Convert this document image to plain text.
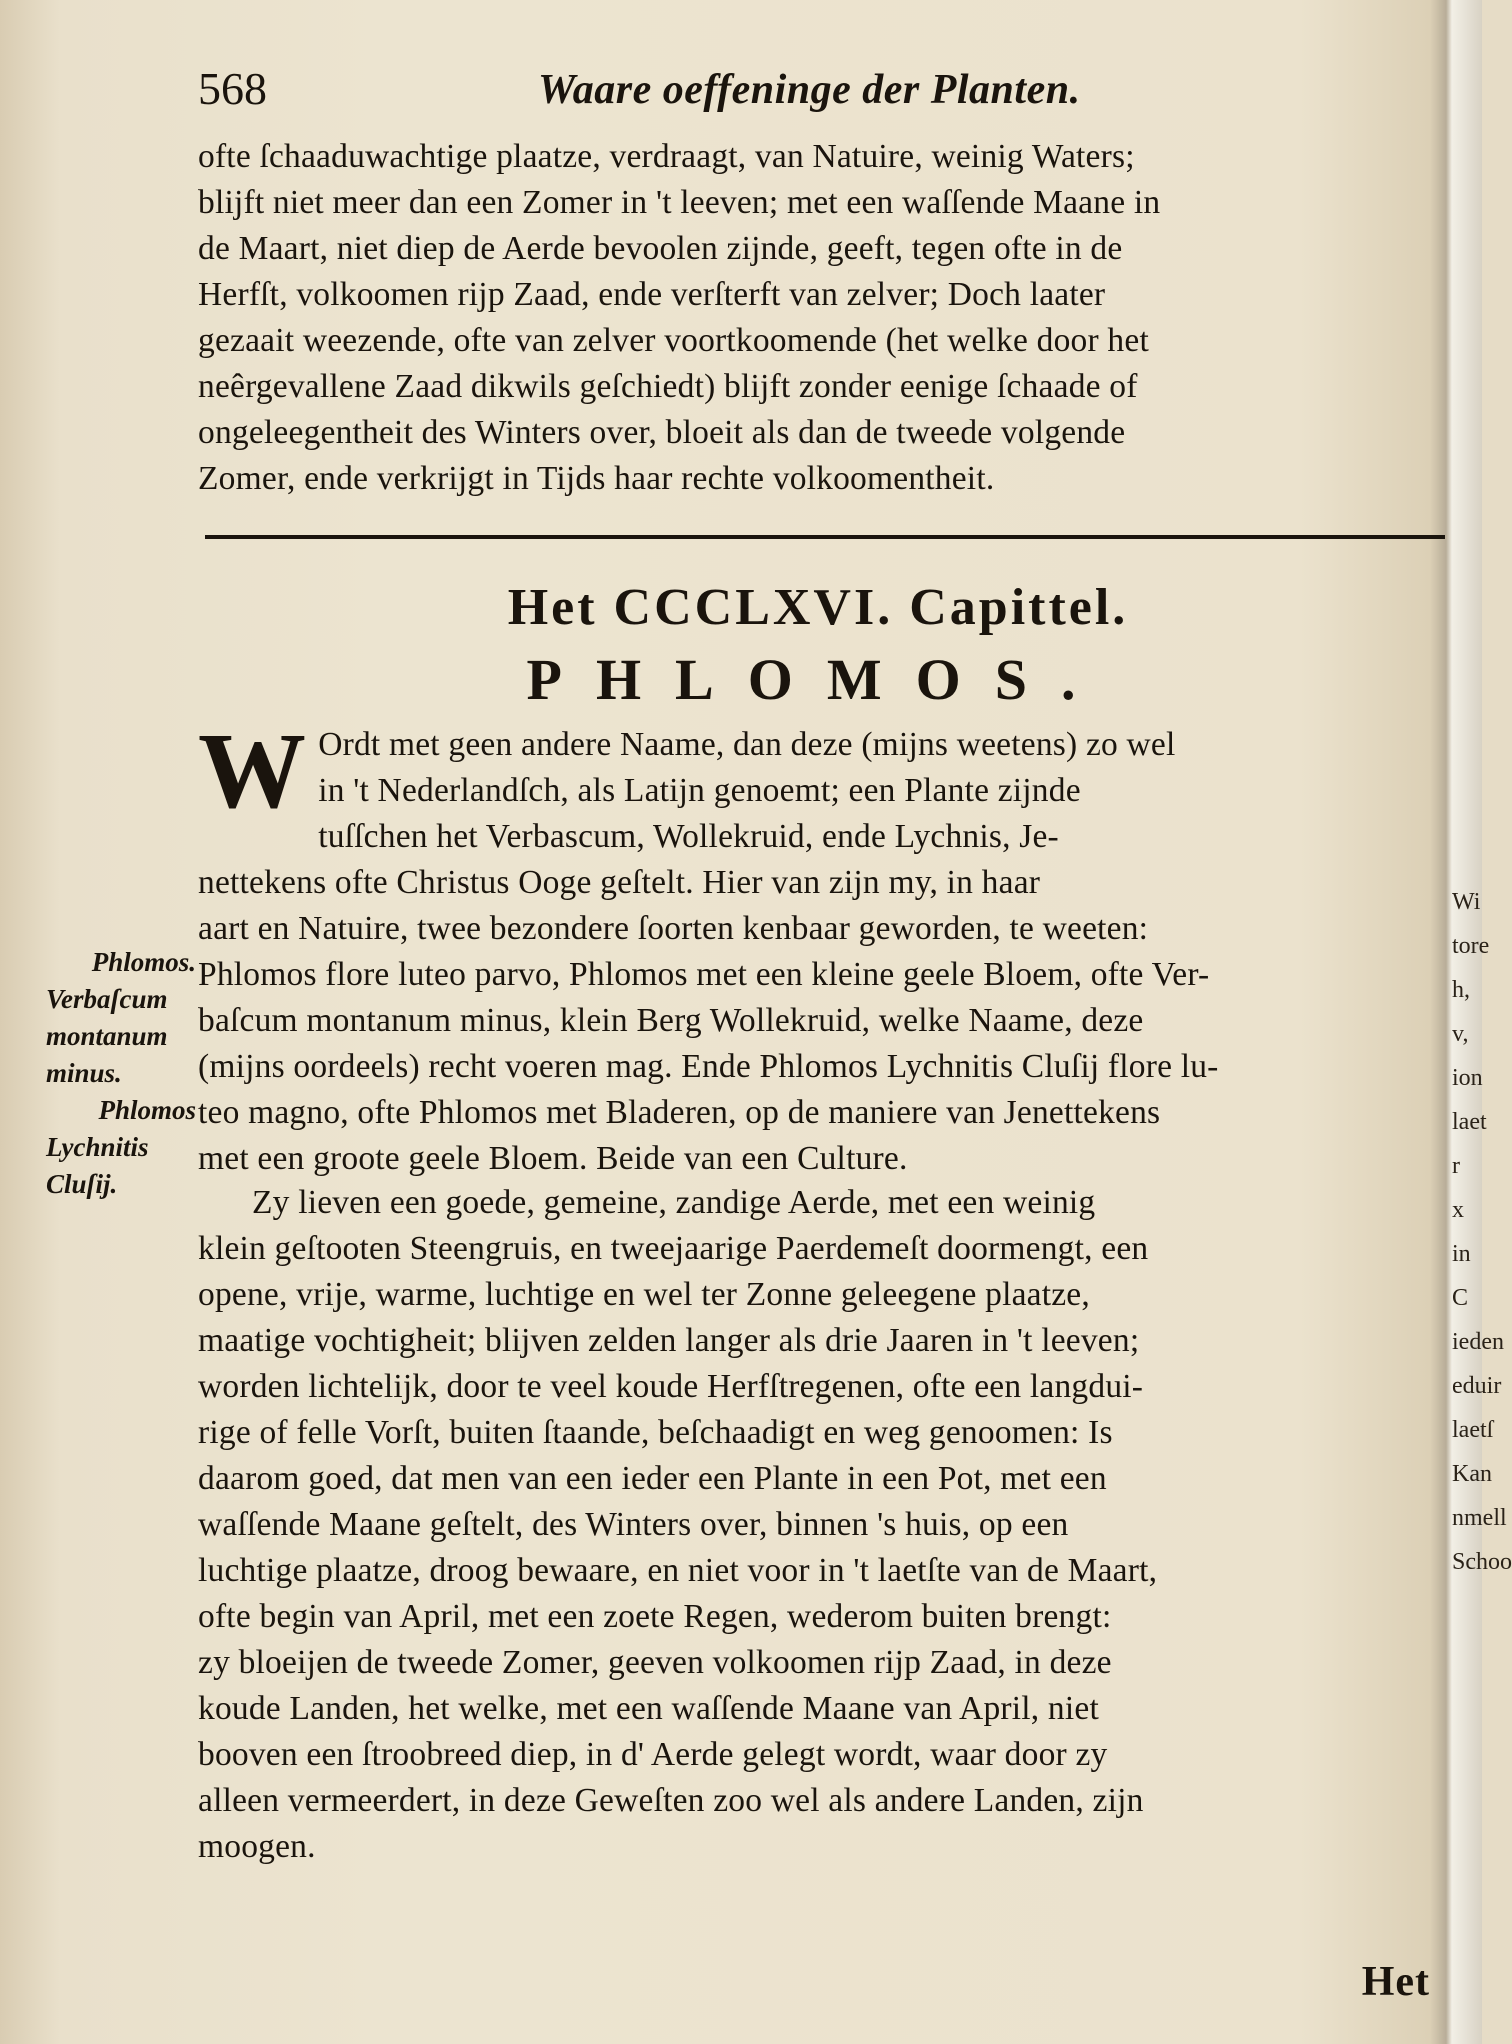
568	Waare oeffeninge der Planten.

ofte ſchaaduwachtige plaatze, verdraagt, van Natuire, weinig Waters;

blijft niet meer dan een Zomer in 't leeven; met een waſſende Maane in

de Maart, niet diep de Aerde bevoolen zijnde, geeft, tegen ofte in de

Herfſt, volkoomen rijp Zaad, ende verſterft van zelver; Doch laater

gezaait weezende, ofte van zelver voortkoomende (het welke door het

neêrgevallene Zaad dikwils geſchiedt) blijft zonder eenige ſchaade of

ongeleegentheit des Winters over, bloeit als dan de tweede volgende

Zomer, ende verkrijgt in Tijds haar rechte volkoomentheit.

Het CCCLXVI. Capittel.
PHLOMOS.
W Ordt met geen andere Naame, dan deze (mijns weetens) zo wel

in 't Nederlandſch, als Latijn genoemt; een Plante zijnde

tuſſchen het Verbascum, Wollekruid, ende Lychnis, Je-

nettekens ofte Christus Ooge geſtelt. Hier van zijn my, in haar

aart en Natuire, twee bezondere ſoorten kenbaar geworden, te weeten:

Phlomos flore luteo parvo, Phlomos met een kleine geele Bloem, ofte Ver-

baſcum montanum minus, klein Berg Wollekruid, welke Naame, deze

(mijns oordeels) recht voeren mag. Ende Phlomos Lychnitis Cluſij flore lu-

teo magno, ofte Phlomos met Bladeren, op de maniere van Jenettekens

met een groote geele Bloem. Beide van een Culture.

Phlomos.
Verbaſcum
montanum
minus.
Phlomos
Lychnitis
Cluſij.	Zy lieven een goede, gemeine, zandige Aerde, met een weinig

klein geſtooten Steengruis, en tweejaarige Paerdemeſt doormengt, een

opene, vrije, warme, luchtige en wel ter Zonne geleegene plaatze,

maatige vochtigheit; blijven zelden langer als drie Jaaren in 't leeven;

worden lichtelijk, door te veel koude Herfſtregenen, ofte een langdui-

rige of felle Vorſt, buiten ſtaande, beſchaadigt en weg genoomen: Is

daarom goed, dat men van een ieder een Plante in een Pot, met een

waſſende Maane geſtelt, des Winters over, binnen 's huis, op een

luchtige plaatze, droog bewaare, en niet voor in 't laetſte van de Maart,

ofte begin van April, met een zoete Regen, wederom buiten brengt:

zy bloeijen de tweede Zomer, geeven volkoomen rijp Zaad, in deze

koude Landen, het welke, met een waſſende Maane van April, niet

booven een ſtroobreed diep, in d' Aerde gelegt wordt, waar door zy

alleen vermeerdert, in deze Geweſten zoo wel als andere Landen, zijn

moogen.

Het
Wi
tore
h,
v,
ion
laet
r
x
in C
ieden
eduir
laetſ
Kan
nmell
Schoo
